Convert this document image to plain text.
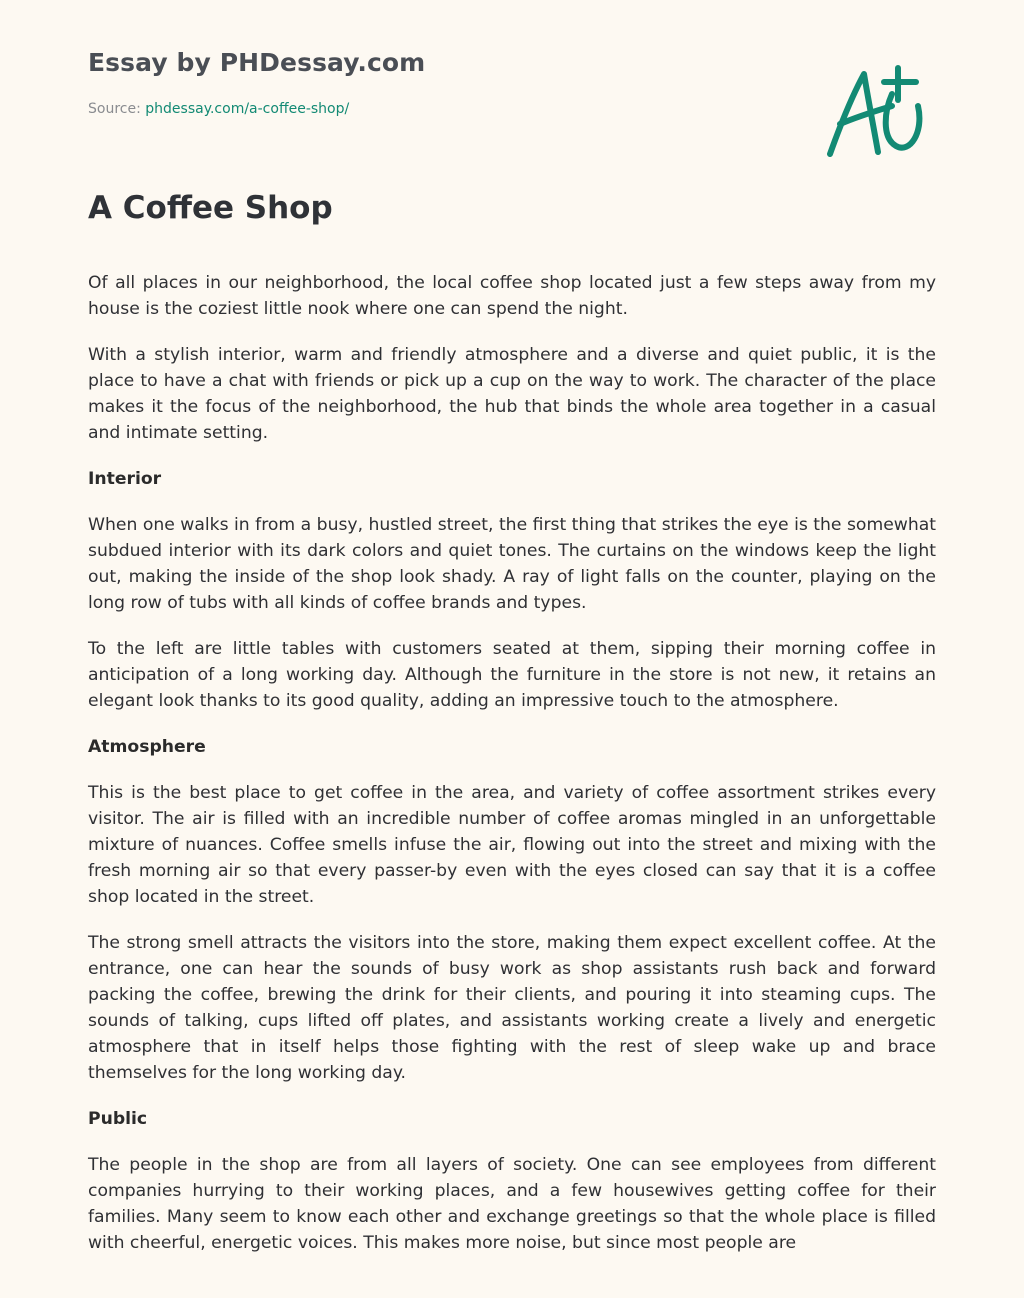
Essay by PHDessay.com
Source: phdessay.com/a-coffee-shop/
A Coffee Shop

Of all places in our neighborhood, the local coffee shop located just a few steps away from my house is the coziest little nook where one can spend the night.

With a stylish interior, warm and friendly atmosphere and a diverse and quiet public, it is the place to have a chat with friends or pick up a cup on the way to work. The character of the place makes it the focus of the neighborhood, the hub that binds the whole area together in a casual and intimate setting.

Interior

When one walks in from a busy, hustled street, the first thing that strikes the eye is the somewhat subdued interior with its dark colors and quiet tones. The curtains on the windows keep the light out, making the inside of the shop look shady. A ray of light falls on the counter, playing on the long row of tubs with all kinds of coffee brands and types.

To the left are little tables with customers seated at them, sipping their morning coffee in anticipation of a long working day. Although the furniture in the store is not new, it retains an elegant look thanks to its good quality, adding an impressive touch to the atmosphere.

Atmosphere

This is the best place to get coffee in the area, and variety of coffee assortment strikes every visitor. The air is filled with an incredible number of coffee aromas mingled in an unforgettable mixture of nuances. Coffee smells infuse the air, flowing out into the street and mixing with the fresh morning air so that every passer-by even with the eyes closed can say that it is a coffee shop located in the street.

The strong smell attracts the visitors into the store, making them expect excellent coffee. At the entrance, one can hear the sounds of busy work as shop assistants rush back and forward packing the coffee, brewing the drink for their clients, and pouring it into steaming cups. The sounds of talking, cups lifted off plates, and assistants working create a lively and energetic atmosphere that in itself helps those fighting with the rest of sleep wake up and brace themselves for the long working day.

Public

The people in the shop are from all layers of society. One can see employees from different companies hurrying to their working places, and a few housewives getting coffee for their families. Many seem to know each other and exchange greetings so that the whole place is filled with cheerful, energetic voices. This makes more noise, but since most people are
